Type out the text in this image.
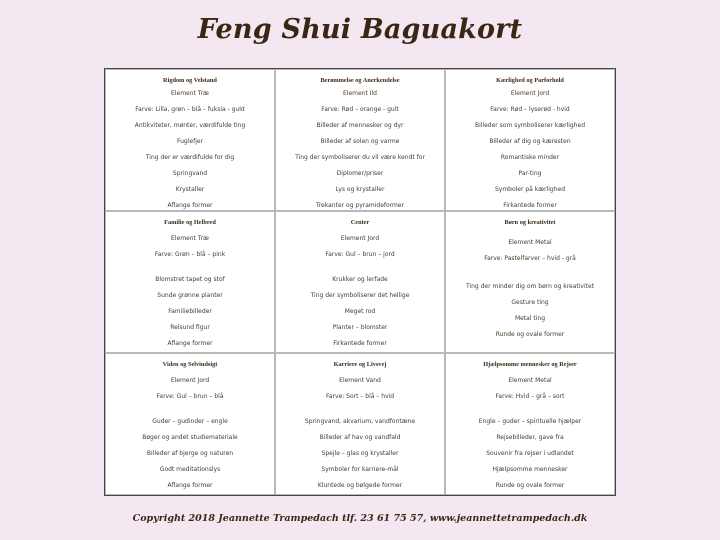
Feng Shui Baguakort
Rigdom og Velstand
Element Træ
Farve: Lilla, grøn – blå – fuksia - guld
Antikviteter, mønter, værdifulde ting
Fuglefjer
Ting der er værdifulde for dig
Springvand
Krystaller
Aflange former
Berømmelse og Anerkendelse
Element Ild
Farve: Rød – orange - gult
Billeder af mennesker og dyr
Billeder af solen og varme
Ting der symboliserer du vil være kendt for
Diplomer/priser
Lys og krystaller
Trekanter og pyramideformer
Kærlighed og Parforhold
Element Jord
Farve: Rød – lyserød - hvid
Billeder som symboliserer kærlighed
Billeder af dig og kæresten
Romantiske minder
Par-ting
Symboler på kærlighed
Firkantede former
Familie og Helbred
Element Træ
Farve: Grøn – blå – pink
Blomstret tapet og stof
Sunde grønne planter
Familiebilleder
Relsund figur
Aflange former
Center
Element Jord
Farve: Gul – brun – jord
Krukker og lerfade
Ting der symboliserer det hellige
Meget rod
Planter – blomster
Firkantede former
Børn og kreativitet
Element Metal
Farve: Pastelfarver – hvid - grå
Ting der minder dig om børn og kreativitet
Gesture ting
Metal ting
Runde og ovale former
Viden og Selvindsigt
Element Jord
Farve: Gul – brun – blå
Guder – gudinder – engle
Bøger og andet studiemateriale
Billeder af bjerge og naturen
Godt meditationslys
Aflange former
Karriere og Livsvej
Element Vand
Farve: Sort – blå – hvid
Springvand, akvarium, vandfontæne
Billeder af hav og vandfald
Spejle – glas og krystaller
Symboler for karriere-mål
Kluntede og bølgede former
Hjælpsomme mennesker og Rejser
Element Metal
Farve: Hvid – grå – sort
Engle – guder – spirituelle hjælper
Rejsebilleder, gave fra
Souvenir fra rejser i udlandet
Hjælpsomme mennesker
Runde og ovale former
Copyright 2018 Jeannette Trampedach tlf. 23 61 75 57, www.jeannettetrampedach.dk
